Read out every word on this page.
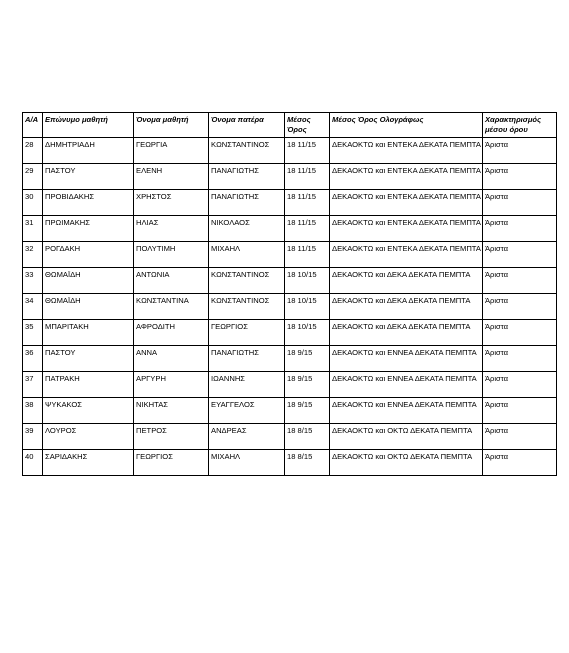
Α/Α	Επώνυμο μαθητή	Όνομα μαθητή	Όνομα πατέρα	Μέσος Όρος	Μέσος Όρος Ολογράφως	Χαρακτηρισμός μέσου όρου
28	ΔΗΜΗΤΡΙΑΔΗ	ΓΕΩΡΓΙΑ	ΚΩΝΣΤΑΝΤΙΝΟΣ	18 11/15	ΔΕΚΑΟΚΤΩ και ΕΝΤΕΚΑ ΔΕΚΑΤΑ ΠΕΜΠΤΑ	Άριστα
29	ΠΑΣΤΟΥ	ΕΛΕΝΗ	ΠΑΝΑΓΙΩΤΗΣ	18 11/15	ΔΕΚΑΟΚΤΩ και ΕΝΤΕΚΑ ΔΕΚΑΤΑ ΠΕΜΠΤΑ	Άριστα
30	ΠΡΟΒΙΔΑΚΗΣ	ΧΡΗΣΤΟΣ	ΠΑΝΑΓΙΩΤΗΣ	18 11/15	ΔΕΚΑΟΚΤΩ και ΕΝΤΕΚΑ ΔΕΚΑΤΑ ΠΕΜΠΤΑ	Άριστα
31	ΠΡΩΙΜΑΚΗΣ	ΗΛΙΑΣ	ΝΙΚΟΛΑΟΣ	18 11/15	ΔΕΚΑΟΚΤΩ και ΕΝΤΕΚΑ ΔΕΚΑΤΑ ΠΕΜΠΤΑ	Άριστα
32	ΡΟΓΔΑΚΗ	ΠΟΛΥΤΙΜΗ	ΜΙΧΑΗΛ	18 11/15	ΔΕΚΑΟΚΤΩ και ΕΝΤΕΚΑ ΔΕΚΑΤΑ ΠΕΜΠΤΑ	Άριστα
33	ΘΩΜΑΪΔΗ	ΑΝΤΩΝΙΑ	ΚΩΝΣΤΑΝΤΙΝΟΣ	18 10/15	ΔΕΚΑΟΚΤΩ και ΔΕΚΑ ΔΕΚΑΤΑ ΠΕΜΠΤΑ	Άριστα
34	ΘΩΜΑΪΔΗ	ΚΩΝΣΤΑΝΤΙΝΑ	ΚΩΝΣΤΑΝΤΙΝΟΣ	18 10/15	ΔΕΚΑΟΚΤΩ και ΔΕΚΑ ΔΕΚΑΤΑ ΠΕΜΠΤΑ	Άριστα
35	ΜΠΑΡΙΤΑΚΗ	ΑΦΡΟΔΙΤΗ	ΓΕΩΡΓΙΟΣ	18 10/15	ΔΕΚΑΟΚΤΩ και ΔΕΚΑ ΔΕΚΑΤΑ ΠΕΜΠΤΑ	Άριστα
36	ΠΑΣΤΟΥ	ΑΝΝΑ	ΠΑΝΑΓΙΩΤΗΣ	18 9/15	ΔΕΚΑΟΚΤΩ και ΕΝΝΕΑ ΔΕΚΑΤΑ ΠΕΜΠΤΑ	Άριστα
37	ΠΑΤΡΑΚΗ	ΑΡΓΥΡΗ	ΙΩΑΝΝΗΣ	18 9/15	ΔΕΚΑΟΚΤΩ και ΕΝΝΕΑ ΔΕΚΑΤΑ ΠΕΜΠΤΑ	Άριστα
38	ΨΥΚΑΚΟΣ	ΝΙΚΗΤΑΣ	ΕΥΑΓΓΕΛΟΣ	18 9/15	ΔΕΚΑΟΚΤΩ και ΕΝΝΕΑ ΔΕΚΑΤΑ ΠΕΜΠΤΑ	Άριστα
39	ΛΟΥΡΟΣ	ΠΕΤΡΟΣ	ΑΝΔΡΕΑΣ	18 8/15	ΔΕΚΑΟΚΤΩ και ΟΚΤΩ ΔΕΚΑΤΑ ΠΕΜΠΤΑ	Άριστα
40	ΣΑΡΙΔΑΚΗΣ	ΓΕΩΡΓΙΟΣ	ΜΙΧΑΗΛ	18 8/15	ΔΕΚΑΟΚΤΩ και ΟΚΤΩ ΔΕΚΑΤΑ ΠΕΜΠΤΑ	Άριστα
